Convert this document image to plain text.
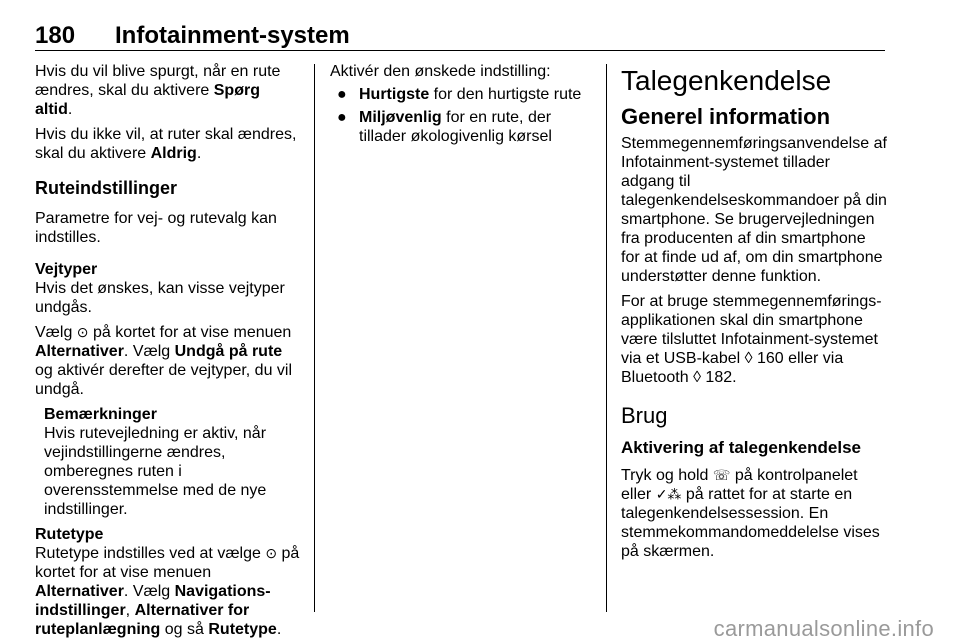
180 Infotainment-system

Hvis du vil blive spurgt, når en rute ændres, skal du aktivere Spørg altid.

Hvis du ikke vil, at ruter skal ændres, skal du aktivere Aldrig.

Ruteindstillinger

Parametre for vej- og rutevalg kan indstilles.

Vejtyper

Hvis det ønskes, kan visse vejtyper undgås.

Vælg ⊙ på kortet for at vise menuen Alternativer. Vælg Undgå på rute og aktivér derefter de vejtyper, du vil undgå.

Bemærkninger

Hvis rutevejledning er aktiv, når vejindstillingerne ændres, omberegnes ruten i overensstemmelse med de nye indstillinger.

Rutetype

Rutetype indstilles ved at vælge ⊙ på kortet for at vise menuen Alternativer. Vælg Navigations-indstillinger, Alternativer for ruteplanlægning og så Rutetype.

Aktivér den ønskede indstilling:

● Hurtigste for den hurtigste rute
● Miljøvenlig for en rute, der tillader økologivenlig kørsel
Talegenkendelse
Generel information

Stemmegennemføringsanvendelse af Infotainment-systemet tillader adgang til talegenkendelseskommandoer på din smartphone. Se brugervejledningen fra producenten af din smartphone for at finde ud af, om din smartphone understøtter denne funktion.

For at bruge stemmegennemførings-applikationen skal din smartphone være tilsluttet Infotainment-systemet via et USB-kabel ◊ 160 eller via Bluetooth ◊ 182.

Brug
Aktivering af talegenkendelse

Tryk og hold ☏ på kontrolpanelet eller ✓⁂ på rattet for at starte en talegenkendelsessession. En stemmekommandomeddelelse vises på skærmen.

carmanualsonline.info
